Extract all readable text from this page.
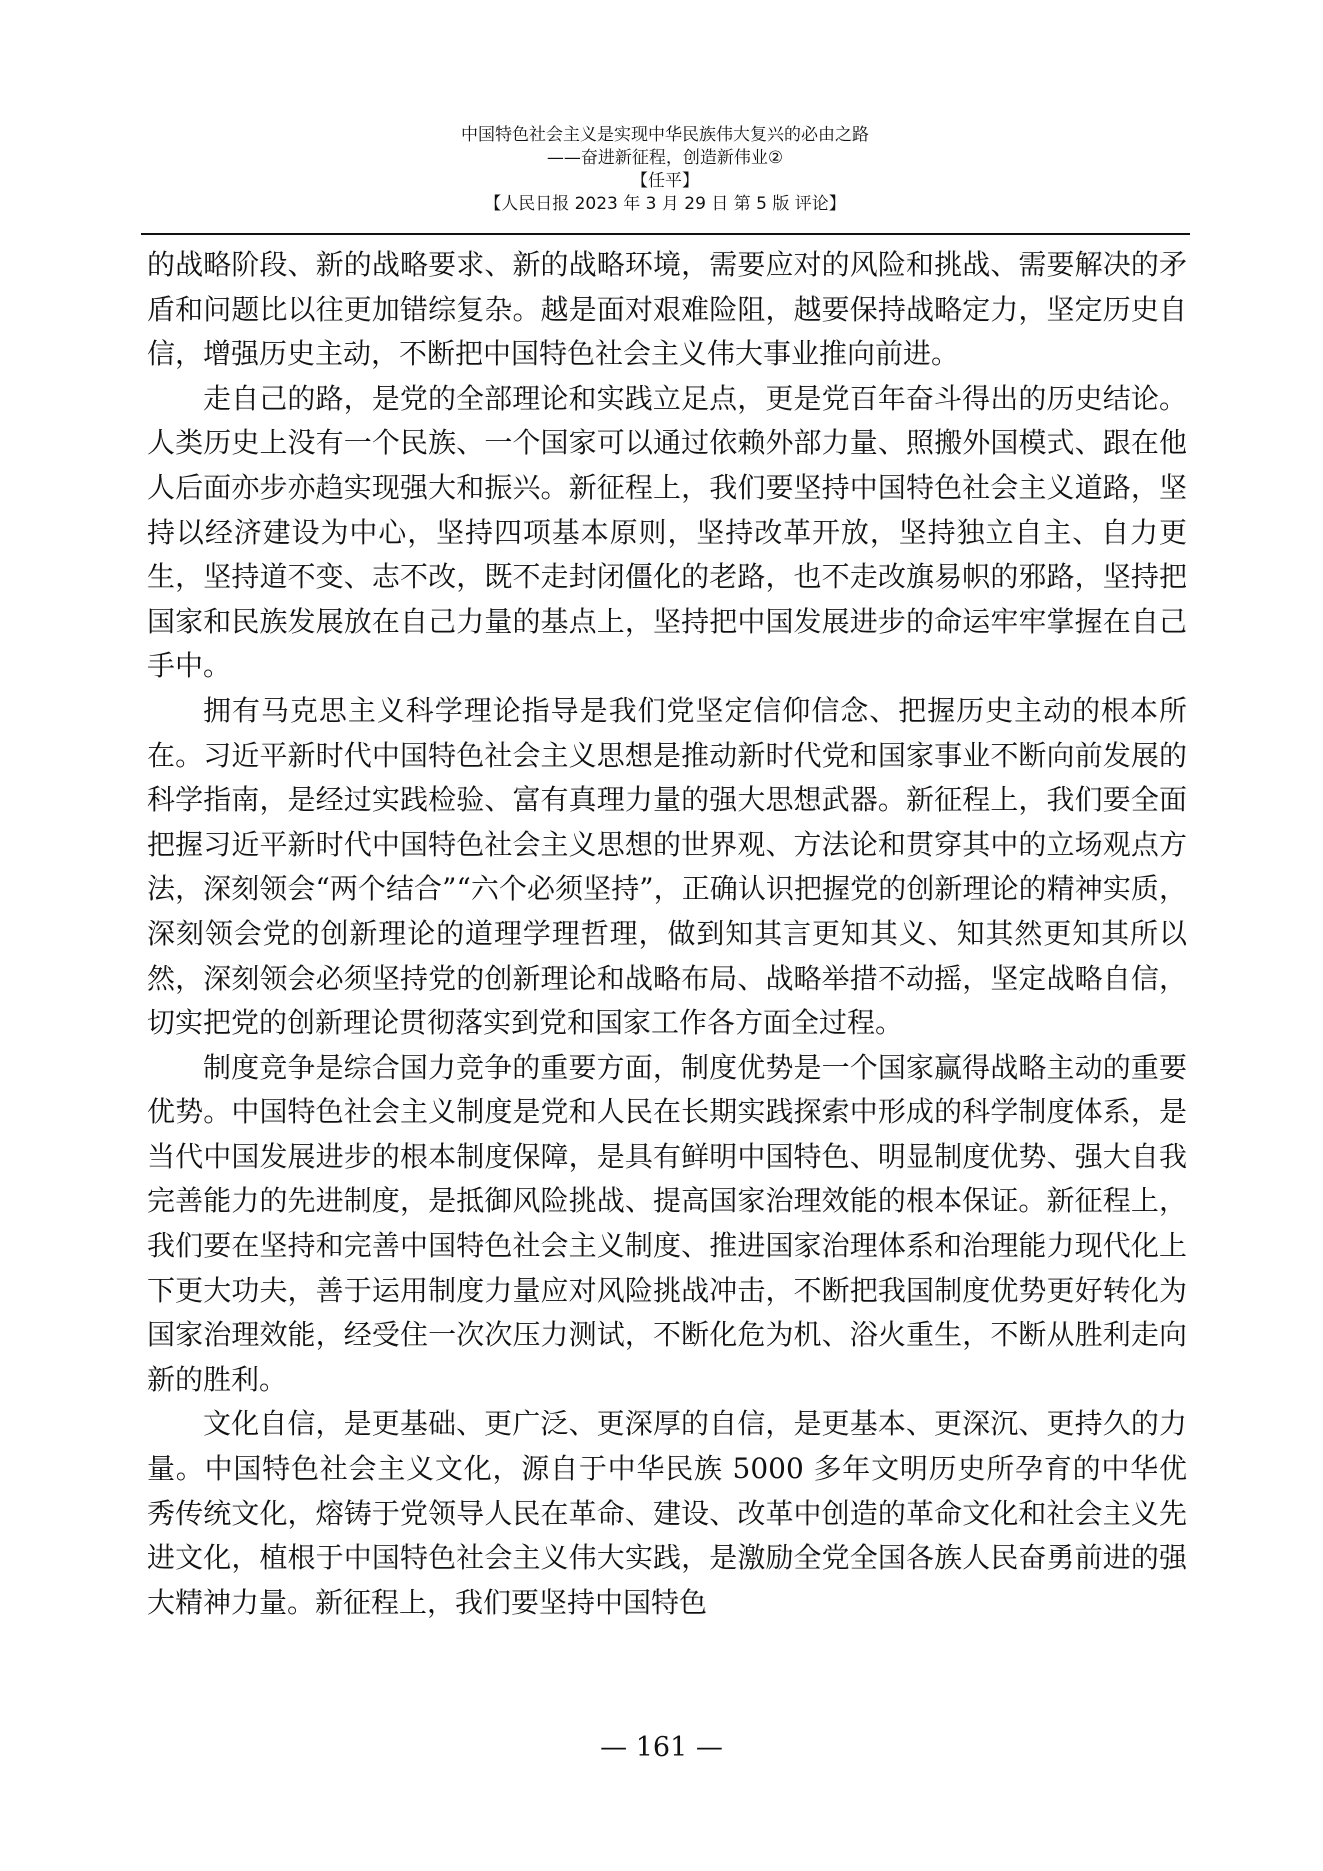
中国特色社会主义是实现中华民族伟大复兴的必由之路
——奋进新征程，创造新伟业②
【任平】
【人民日报 2023 年 3 月 29 日 第 5 版 评论】

的战略阶段、新的战略要求、新的战略环境，需要应对的风险和挑战、需要解决的矛盾和问题比以往更加错综复杂。越是面对艰难险阻，越要保持战略定力，坚定历史自信，增强历史主动，不断把中国特色社会主义伟大事业推向前进。

走自己的路，是党的全部理论和实践立足点，更是党百年奋斗得出的历史结论。人类历史上没有一个民族、一个国家可以通过依赖外部力量、照搬外国模式、跟在他人后面亦步亦趋实现强大和振兴。新征程上，我们要坚持中国特色社会主义道路，坚持以经济建设为中心，坚持四项基本原则，坚持改革开放，坚持独立自主、自力更生，坚持道不变、志不改，既不走封闭僵化的老路，也不走改旗易帜的邪路，坚持把国家和民族发展放在自己力量的基点上，坚持把中国发展进步的命运牢牢掌握在自己手中。

拥有马克思主义科学理论指导是我们党坚定信仰信念、把握历史主动的根本所在。习近平新时代中国特色社会主义思想是推动新时代党和国家事业不断向前发展的科学指南，是经过实践检验、富有真理力量的强大思想武器。新征程上，我们要全面把握习近平新时代中国特色社会主义思想的世界观、方法论和贯穿其中的立场观点方法，深刻领会“两个结合”“六个必须坚持”，正确认识把握党的创新理论的精神实质，深刻领会党的创新理论的道理学理哲理，做到知其言更知其义、知其然更知其所以然，深刻领会必须坚持党的创新理论和战略布局、战略举措不动摇，坚定战略自信，切实把党的创新理论贯彻落实到党和国家工作各方面全过程。

制度竞争是综合国力竞争的重要方面，制度优势是一个国家赢得战略主动的重要优势。中国特色社会主义制度是党和人民在长期实践探索中形成的科学制度体系，是当代中国发展进步的根本制度保障，是具有鲜明中国特色、明显制度优势、强大自我完善能力的先进制度，是抵御风险挑战、提高国家治理效能的根本保证。新征程上，我们要在坚持和完善中国特色社会主义制度、推进国家治理体系和治理能力现代化上下更大功夫，善于运用制度力量应对风险挑战冲击，不断把我国制度优势更好转化为国家治理效能，经受住一次次压力测试，不断化危为机、浴火重生，不断从胜利走向新的胜利。

文化自信，是更基础、更广泛、更深厚的自信，是更基本、更深沉、更持久的力量。中国特色社会主义文化，源自于中华民族 5000 多年文明历史所孕育的中华优秀传统文化，熔铸于党领导人民在革命、建设、改革中创造的革命文化和社会主义先进文化，植根于中国特色社会主义伟大实践，是激励全党全国各族人民奋勇前进的强大精神力量。新征程上，我们要坚持中国特色

— 161 —
